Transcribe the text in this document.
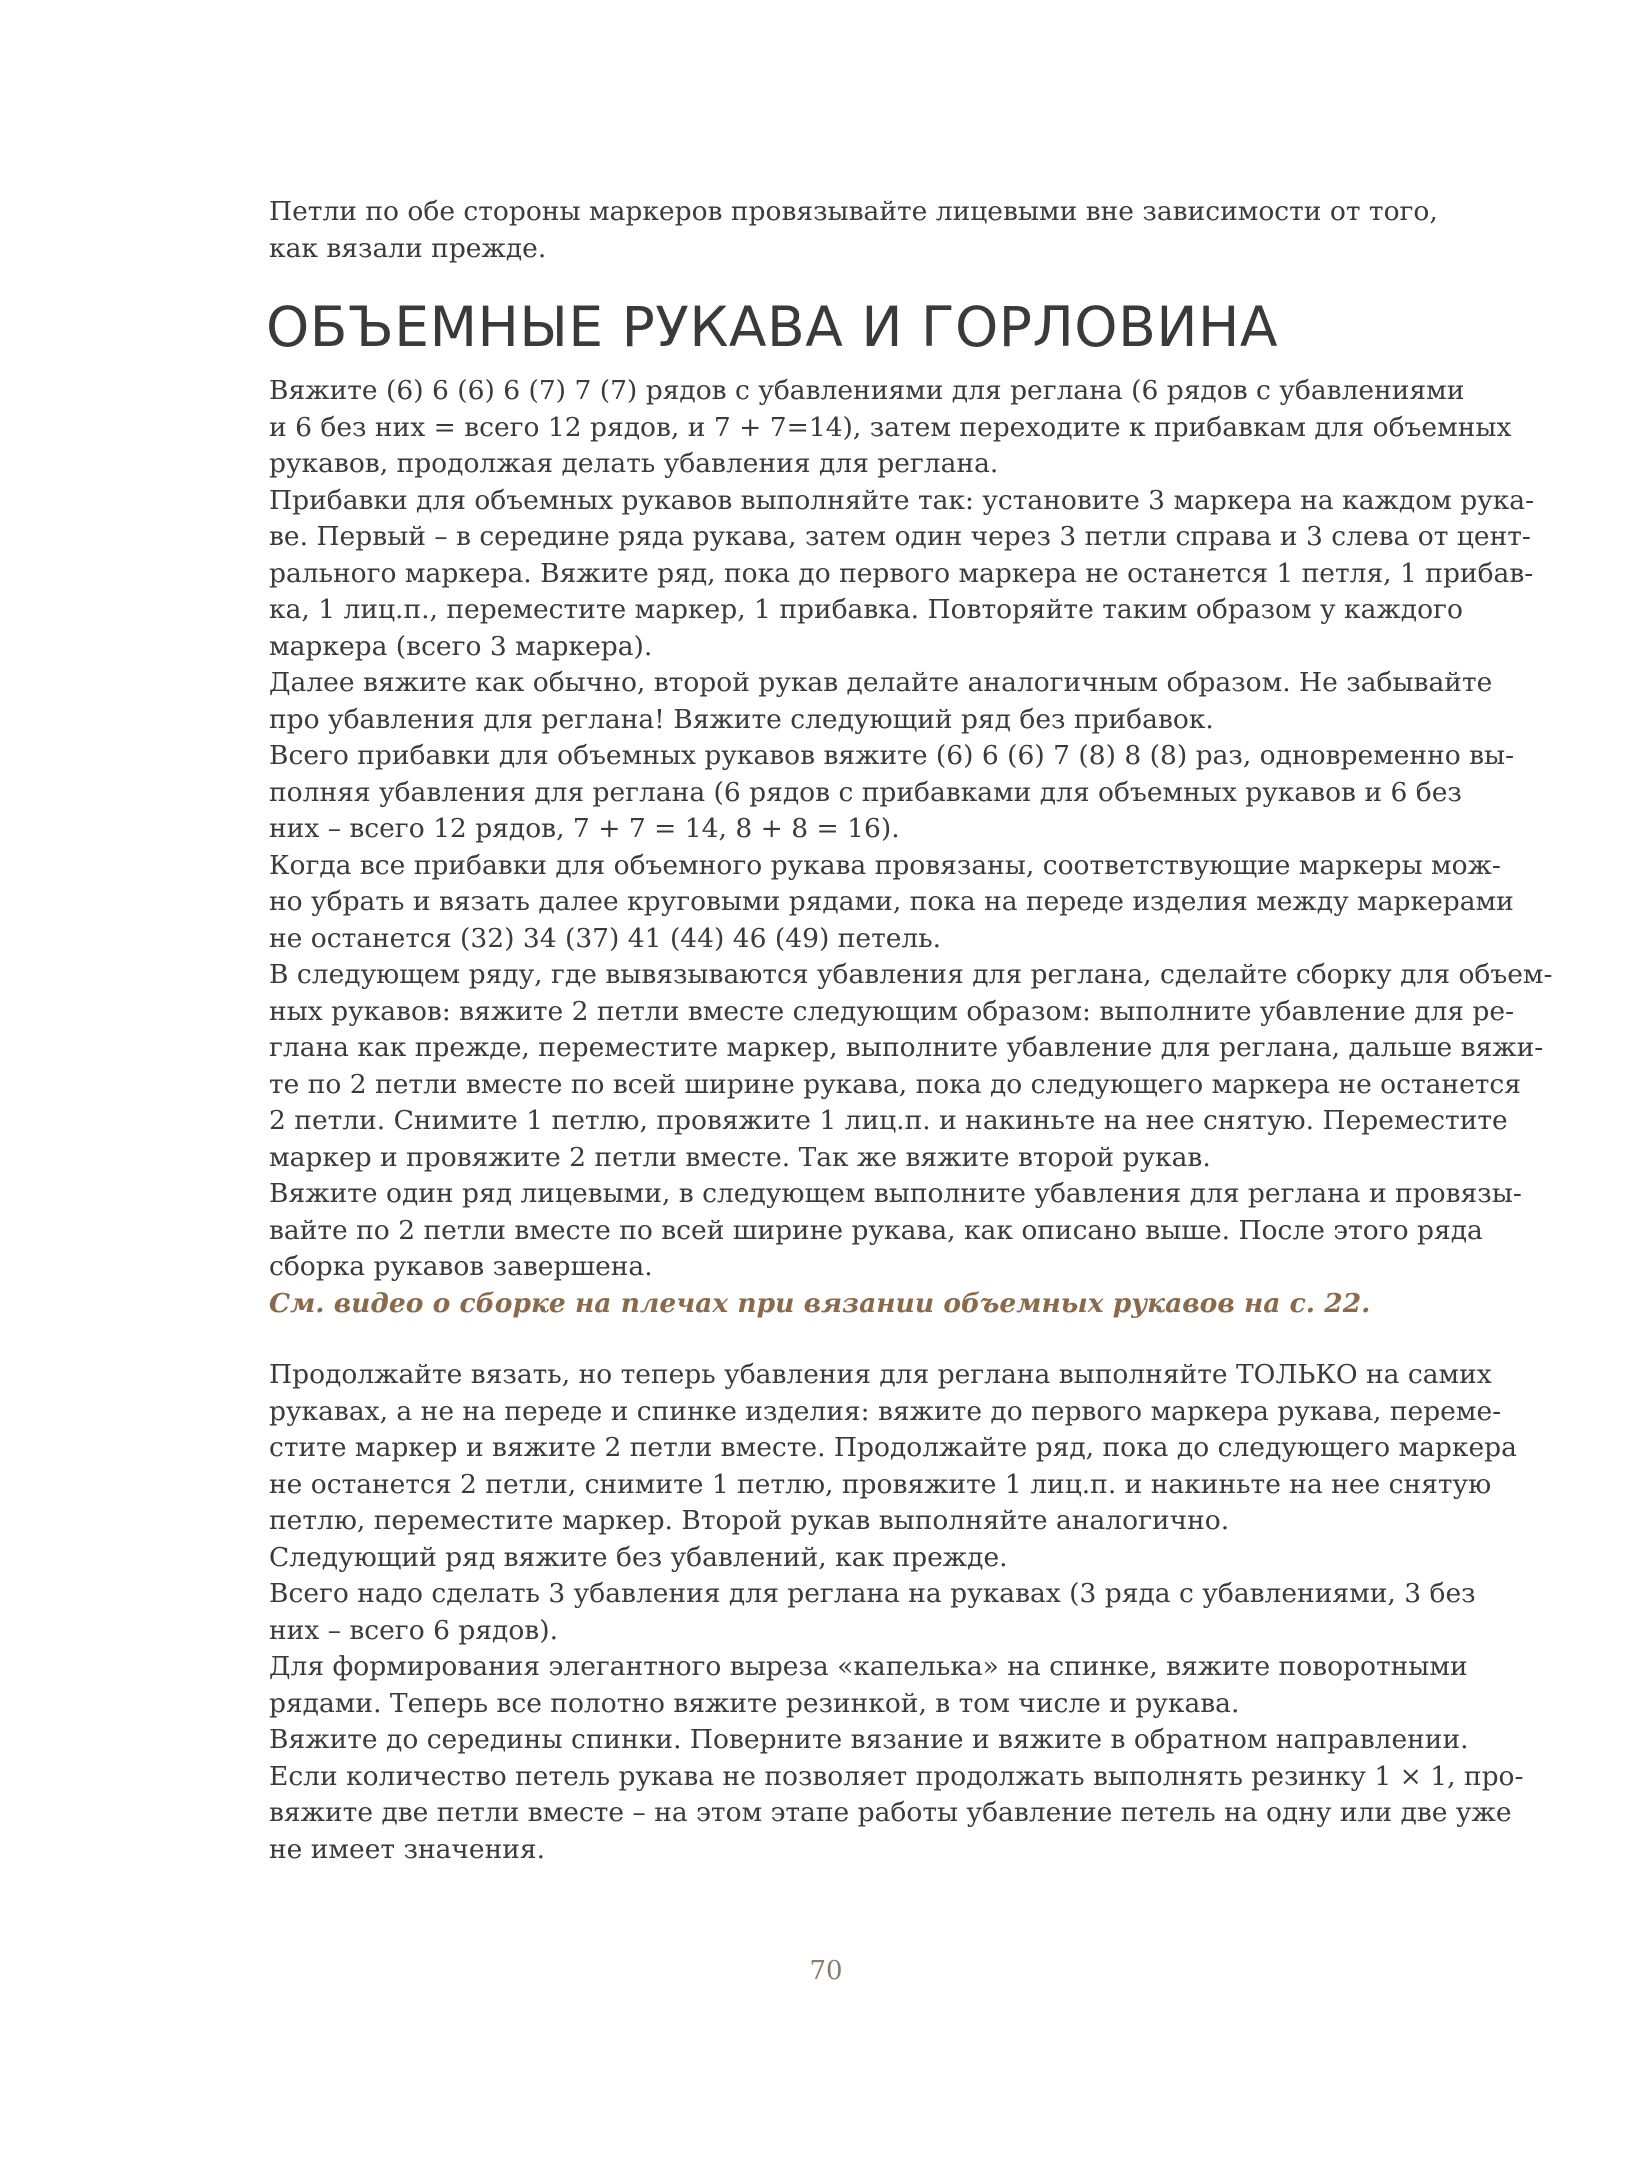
Петли по обе стороны маркеров провязывайте лицевыми вне зависимости от того,
как вязали прежде.
ОБЪЕМНЫЕ РУКАВА И ГОРЛОВИНА
Вяжите (6) 6 (6) 6 (7) 7 (7) рядов с убавлениями для реглана (6 рядов с убавлениями
и 6 без них = всего 12 рядов, и 7 + 7=14), затем переходите к прибавкам для объемных
рукавов, продолжая делать убавления для реглана.
Прибавки для объемных рукавов выполняйте так: установите 3 маркера на каждом рука-
ве. Первый – в середине ряда рукава, затем один через 3 петли справа и 3 слева от цент-
рального маркера. Вяжите ряд, пока до первого маркера не останется 1 петля, 1 прибав-
ка, 1 лиц.п., переместите маркер, 1 прибавка. Повторяйте таким образом у каждого
маркера (всего 3 маркера).
Далее вяжите как обычно, второй рукав делайте аналогичным образом. Не забывайте
про убавления для реглана! Вяжите следующий ряд без прибавок.
Всего прибавки для объемных рукавов вяжите (6) 6 (6) 7 (8) 8 (8) раз, одновременно вы-
полняя убавления для реглана (6 рядов с прибавками для объемных рукавов и 6 без
них – всего 12 рядов, 7 + 7 = 14, 8 + 8 = 16).
Когда все прибавки для объемного рукава провязаны, соответствующие маркеры мож-
но убрать и вязать далее круговыми рядами, пока на переде изделия между маркерами
не останется (32) 34 (37) 41 (44) 46 (49) петель.
В следующем ряду, где вывязываются убавления для реглана, сделайте сборку для объем-
ных рукавов: вяжите 2 петли вместе следующим образом: выполните убавление для ре-
глана как прежде, переместите маркер, выполните убавление для реглана, дальше вяжи-
те по 2 петли вместе по всей ширине рукава, пока до следующего маркера не останется
2 петли. Снимите 1 петлю, провяжите 1 лиц.п. и накиньте на нее снятую. Переместите
маркер и провяжите 2 петли вместе. Так же вяжите второй рукав.
Вяжите один ряд лицевыми, в следующем выполните убавления для реглана и провязы-
вайте по 2 петли вместе по всей ширине рукава, как описано выше. После этого ряда
сборка рукавов завершена.
См. видео о сборке на плечах при вязании объемных рукавов на с. 22.
Продолжайте вязать, но теперь убавления для реглана выполняйте ТОЛЬКО на самих
рукавах, а не на переде и спинке изделия: вяжите до первого маркера рукава, переме-
стите маркер и вяжите 2 петли вместе. Продолжайте ряд, пока до следующего маркера
не останется 2 петли, снимите 1 петлю, провяжите 1 лиц.п. и накиньте на нее снятую
петлю, переместите маркер. Второй рукав выполняйте аналогично.
Следующий ряд вяжите без убавлений, как прежде.
Всего надо сделать 3 убавления для реглана на рукавах (3 ряда с убавлениями, 3 без
них – всего 6 рядов).
Для формирования элегантного выреза «капелька» на спинке, вяжите поворотными
рядами. Теперь все полотно вяжите резинкой, в том числе и рукава.
Вяжите до середины спинки. Поверните вязание и вяжите в обратном направлении.
Если количество петель рукава не позволяет продолжать выполнять резинку 1 × 1, про-
вяжите две петли вместе – на этом этапе работы убавление петель на одну или две уже
не имеет значения.
70
